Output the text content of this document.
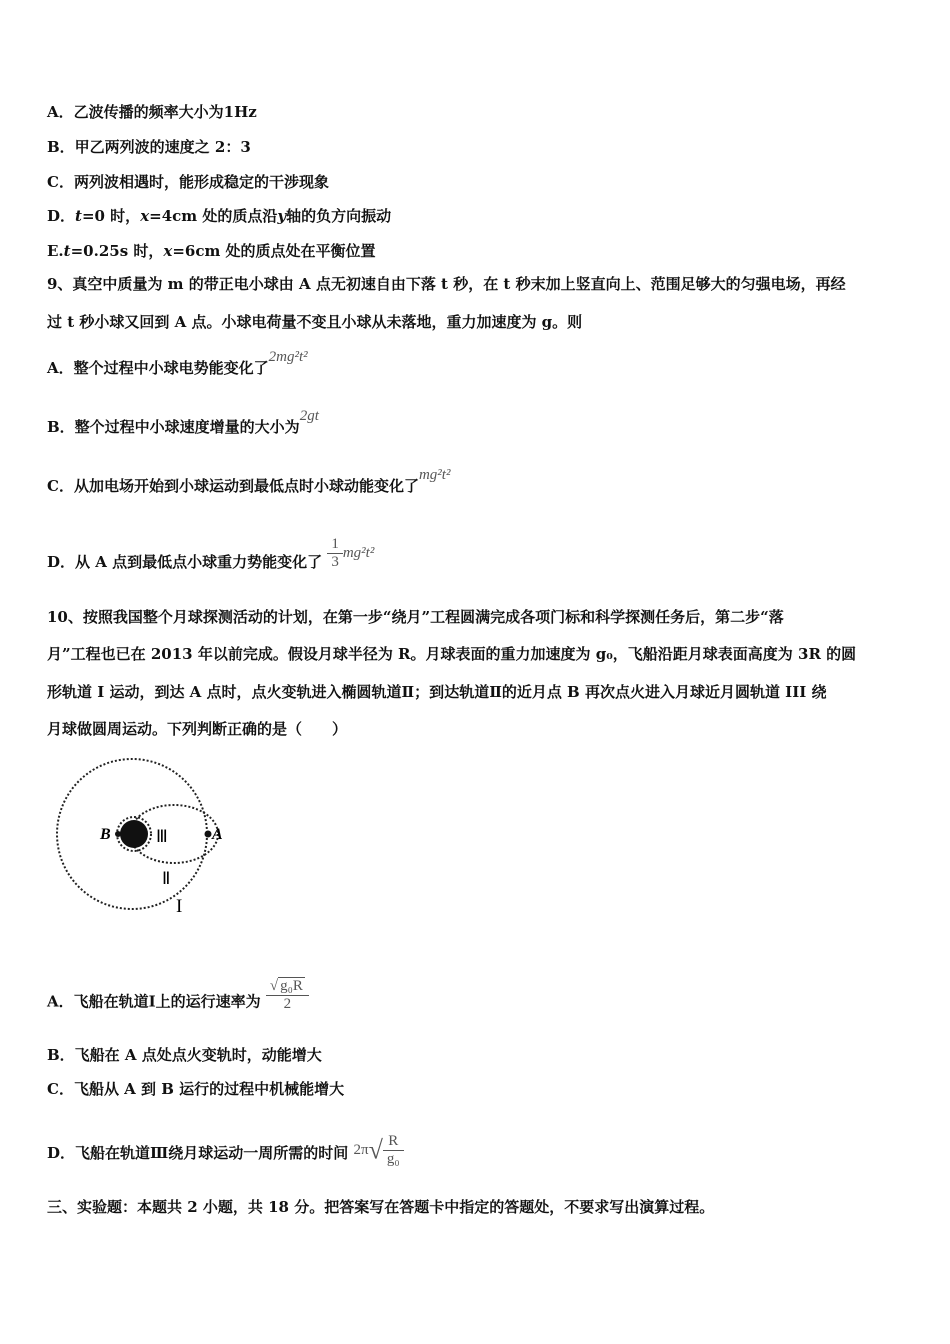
A．乙波传播的频率大小为1Hz
B．甲乙两列波的速度之 2：3
C．两列波相遇时，能形成稳定的干涉现象
D．t=0 时，x=4cm 处的质点沿y轴的负方向振动
E.t=0.25s 时，x=6cm 处的质点处在平衡位置
9、真空中质量为 m 的带正电小球由 A 点无初速自由下落 t 秒，在 t 秒末加上竖直向上、范围足够大的匀强电场，再经
过 t 秒小球又回到 A 点。小球电荷量不变且小球从未落地，重力加速度为 g。则
A．整个过程中小球电势能变化了2mg²t²
B．整个过程中小球速度增量的大小为2gt
C．从加电场开始到小球运动到最低点时小球动能变化了mg²t²
D．从 A 点到最低点小球重力势能变化了 $\frac{1}{3} mg^2t^2$
10、按照我国整个月球探测活动的计划，在第一步“绕月”工程圆满完成各项门标和科学探测任务后，第二步“落
月”工程也已在 2013 年以前完成。假设月球半径为 R。月球表面的重力加速度为 g₀，飞船沿距月球表面高度为 3R 的圆
形轨道 I 运动，到达 A 点时，点火变轨进入椭圆轨道Ⅱ；到达轨道Ⅱ的近月点 B 再次点火进入月球近月圆轨道 III 绕
月球做圆周运动。下列判断正确的是（　　）
B	A
Ⅲ
Ⅱ
I
A．飞船在轨道Ⅰ上的运行速率为 $\frac{\text{√ g₀R}}{2}$
B．飞船在 A 点处点火变轨时，动能增大
C．飞船从 A 到 B 运行的过程中机械能增大
D．飞船在轨道Ⅲ绕月球运动一周所需的时间 $2\pi√ \frac{R}{\text{g₀}}$
三、实验题：本题共 2 小题，共 18 分。把答案写在答题卡中指定的答题处，不要求写出演算过程。
